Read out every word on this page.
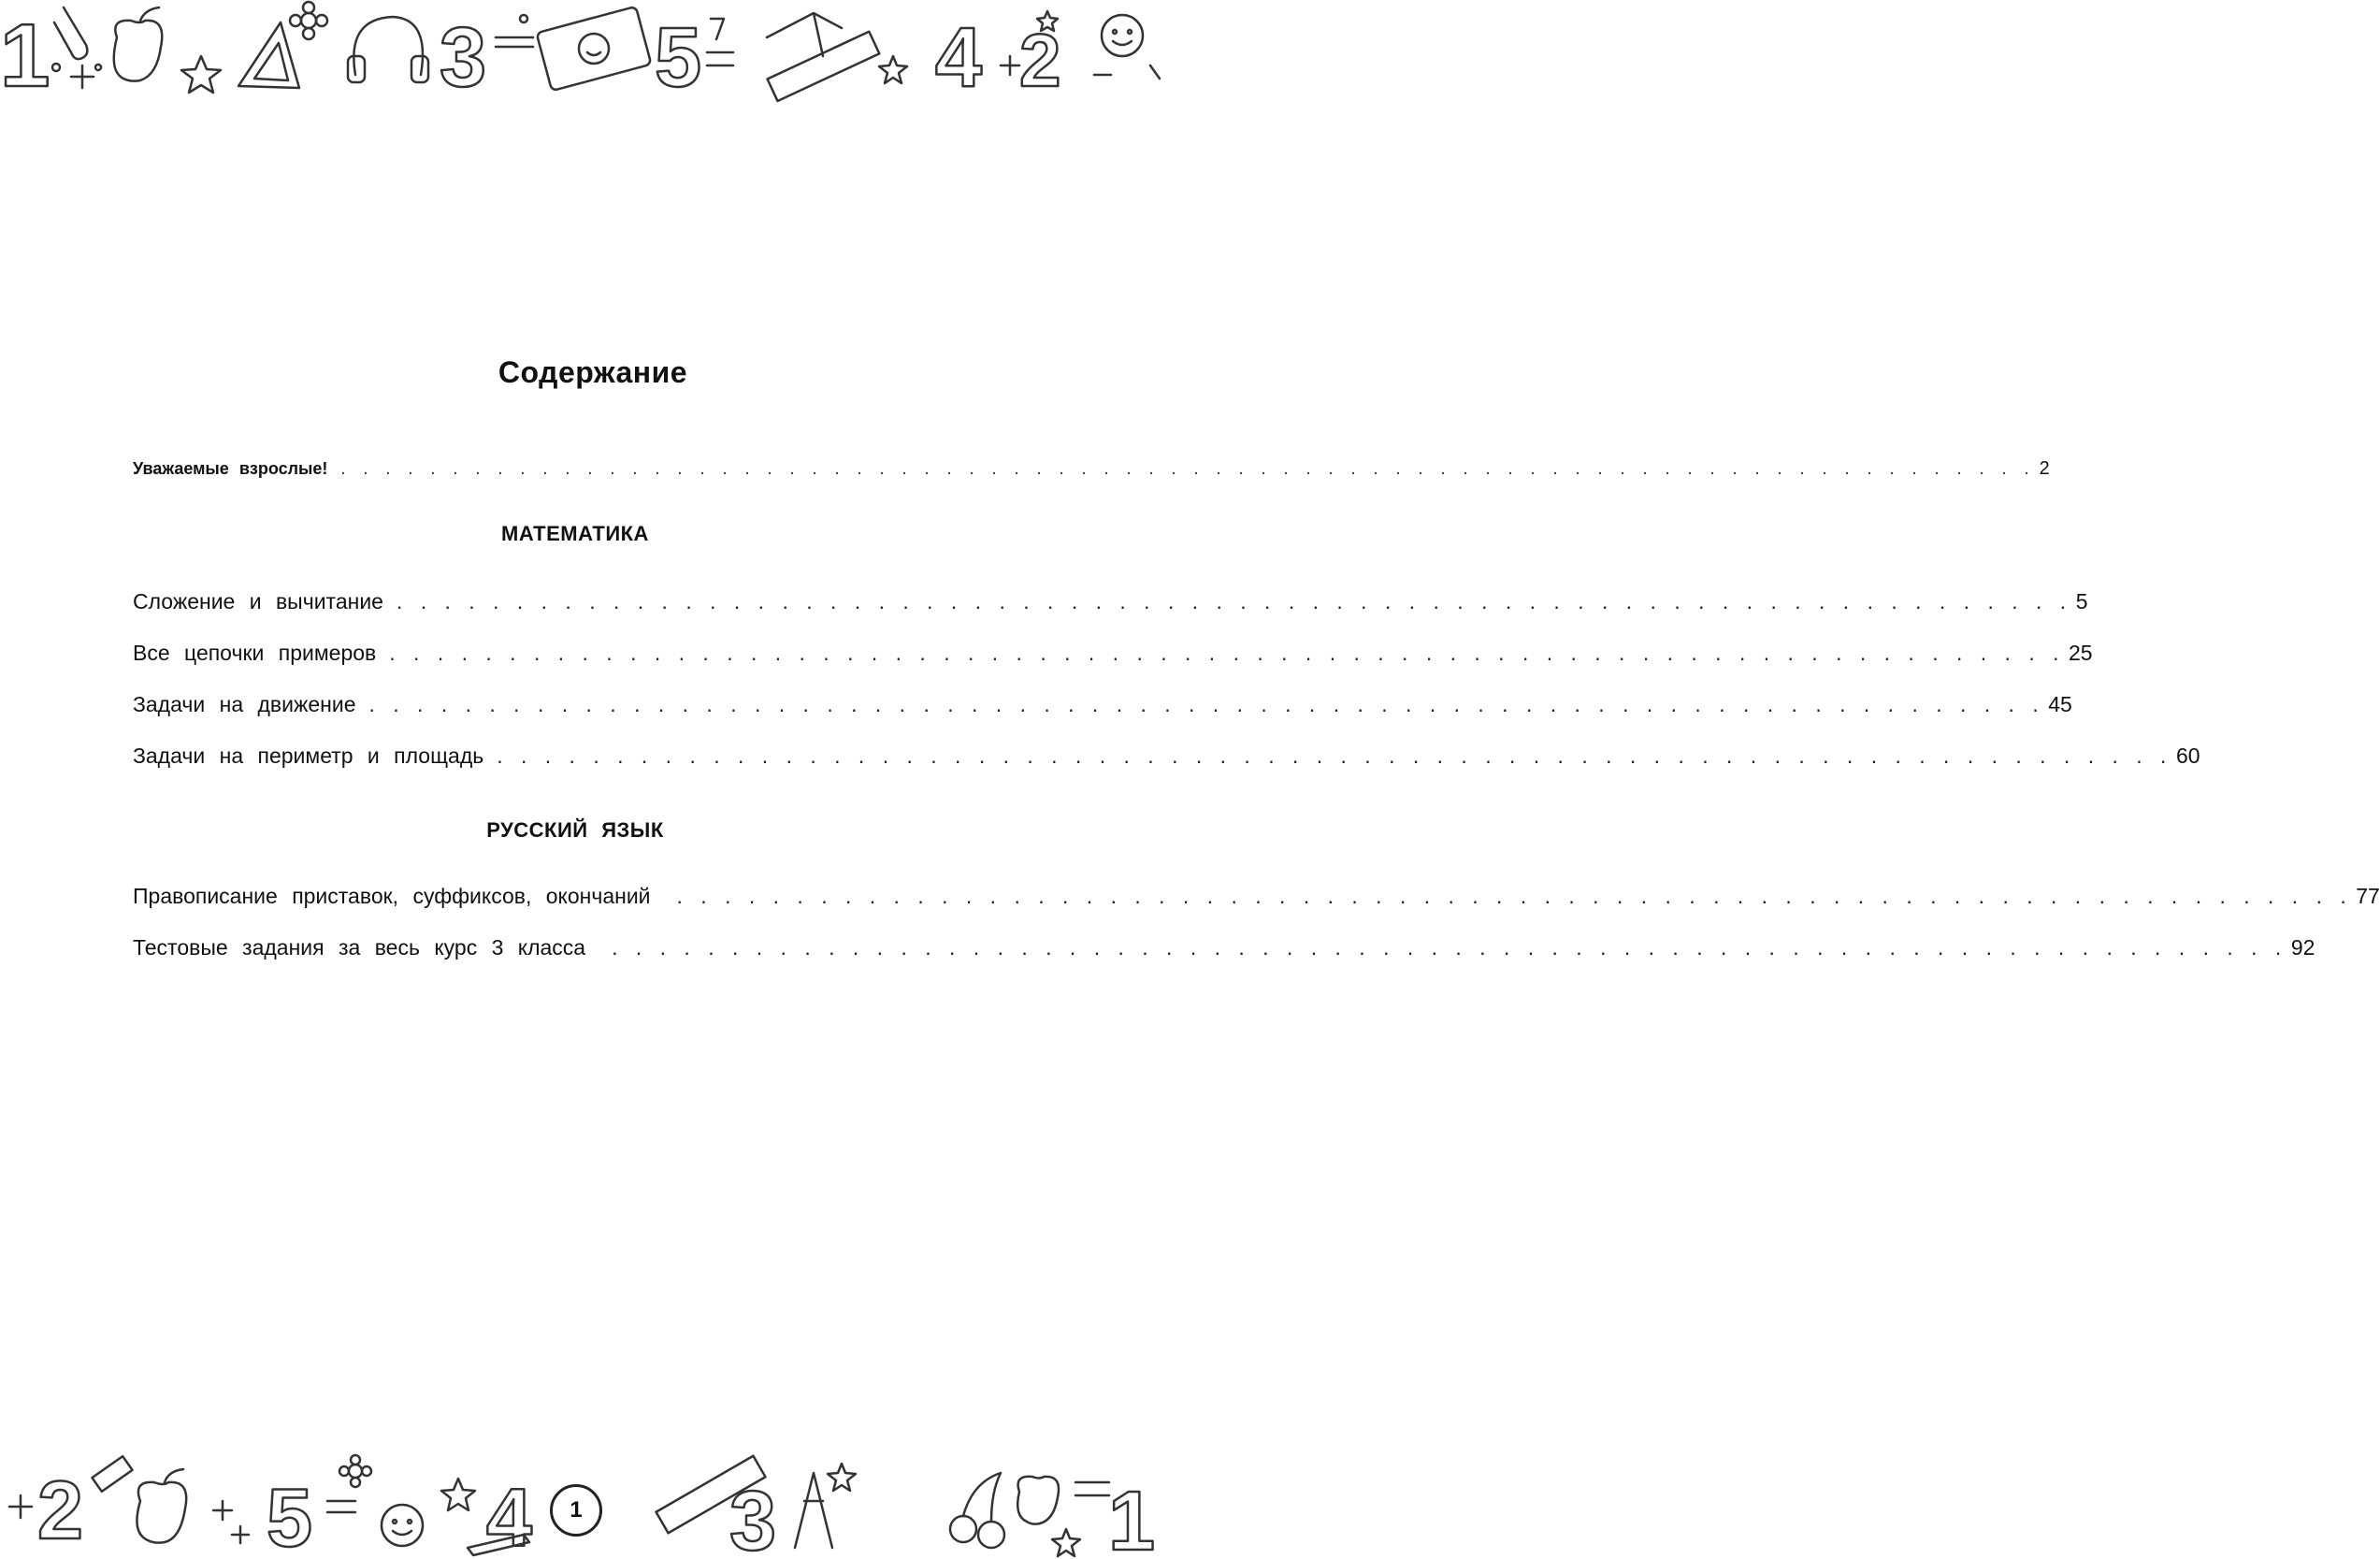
1	3 5	4 2
Содержание
Уважаемые взрослые! . . . . . . . . . . . . . . . . . . . . . . . . . . . . . . . . . . . . . . . . . . . . . . . . . . . . . . . . . . . . . . . . . . . . . . . . . . . . 2
МАТЕМАТИКА
Сложение и вычитание . . . . . . . . . . . . . . . . . . . . . . . . . . . . . . . . . . . . . . . . . . . . . . . . . . . . . . . . . . . . . . . . . . . . . . 5
Все цепочки примеров . . . . . . . . . . . . . . . . . . . . . . . . . . . . . . . . . . . . . . . . . . . . . . . . . . . . . . . . . . . . . . . . . . . . . . 25
Задачи на движение . . . . . . . . . . . . . . . . . . . . . . . . . . . . . . . . . . . . . . . . . . . . . . . . . . . . . . . . . . . . . . . . . . . . . . 45
Задачи на периметр и площадь . . . . . . . . . . . . . . . . . . . . . . . . . . . . . . . . . . . . . . . . . . . . . . . . . . . . . . . . . . . . . . . . . . . . . . 60
РУССКИЙ ЯЗЫК
Правописание приставок, суффиксов, окончаний . . . . . . . . . . . . . . . . . . . . . . . . . . . . . . . . . . . . . . . . . . . . . . . . . . . . . . . . . . . . . . . . . . . . . . 77
Тестовые задания за весь курс 3 класса . . . . . . . . . . . . . . . . . . . . . . . . . . . . . . . . . . . . . . . . . . . . . . . . . . . . . . . . . . . . . . . . . . . . . . 92
2 5 4 3	1
1
